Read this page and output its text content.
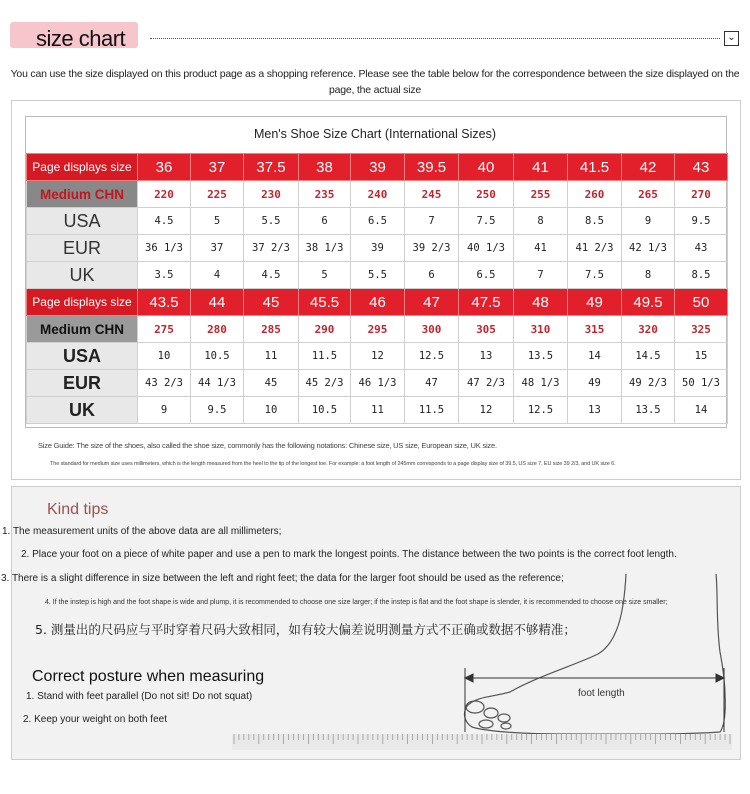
size chart	⌄
You can use the size displayed on this product page as a shopping reference. Please see the table below for the correspondence between the size displayed on the page, the actual size
Men's Shoe Size Chart (International Sizes)
Page displays size	36	37	37.5	38	39	39.5	40	41	41.5	42	43
Medium CHN	220	225	230	235	240	245	250	255	260	265	270
USA	4.5	5	5.5	6	6.5	7	7.5	8	8.5	9	9.5
EUR	36 1/3	37	37 2/3	38 1/3	39	39 2/3	40 1/3	41	41 2/3	42 1/3	43
UK	3.5	4	4.5	5	5.5	6	6.5	7	7.5	8	8.5
Page displays size	43.5	44	45	45.5	46	47	47.5	48	49	49.5	50
Medium CHN	275	280	285	290	295	300	305	310	315	320	325
USA	10	10.5	11	11.5	12	12.5	13	13.5	14	14.5	15
EUR	43 2/3	44 1/3	45	45 2/3	46 1/3	47	47 2/3	48 1/3	49	49 2/3	50 1/3
UK	9	9.5	10	10.5	11	11.5	12	12.5	13	13.5	14
Size Guide: The size of the shoes, also called the shoe size, commonly has the following notations: Chinese size, US size, European size, UK size.
The standard for medium size uses millimeters, which is the length measured from the heel to the tip of the longest toe. For example: a foot length of 245mm corresponds to a page display size of 39.5, US size 7, EU size 39 2/3, and UK size 6.
Kind tips
1. The measurement units of the above data are all millimeters;
2. Place your foot on a piece of white paper and use a pen to mark the longest points. The distance between the two points is the correct foot length.
3. There is a slight difference in size between the left and right feet; the data for the larger foot should be used as the reference;
4. If the instep is high and the foot shape is wide and plump, it is recommended to choose one size larger; if the instep is flat and the foot shape is slender, it is recommended to choose one size smaller;
5. 测量出的尺码应与平时穿着尺码大致相同，如有较大偏差说明测量方式不正确或数据不够精准；
Correct posture when measuring
1. Stand with feet parallel (Do not sit! Do not squat)
2. Keep your weight on both feet
foot length
